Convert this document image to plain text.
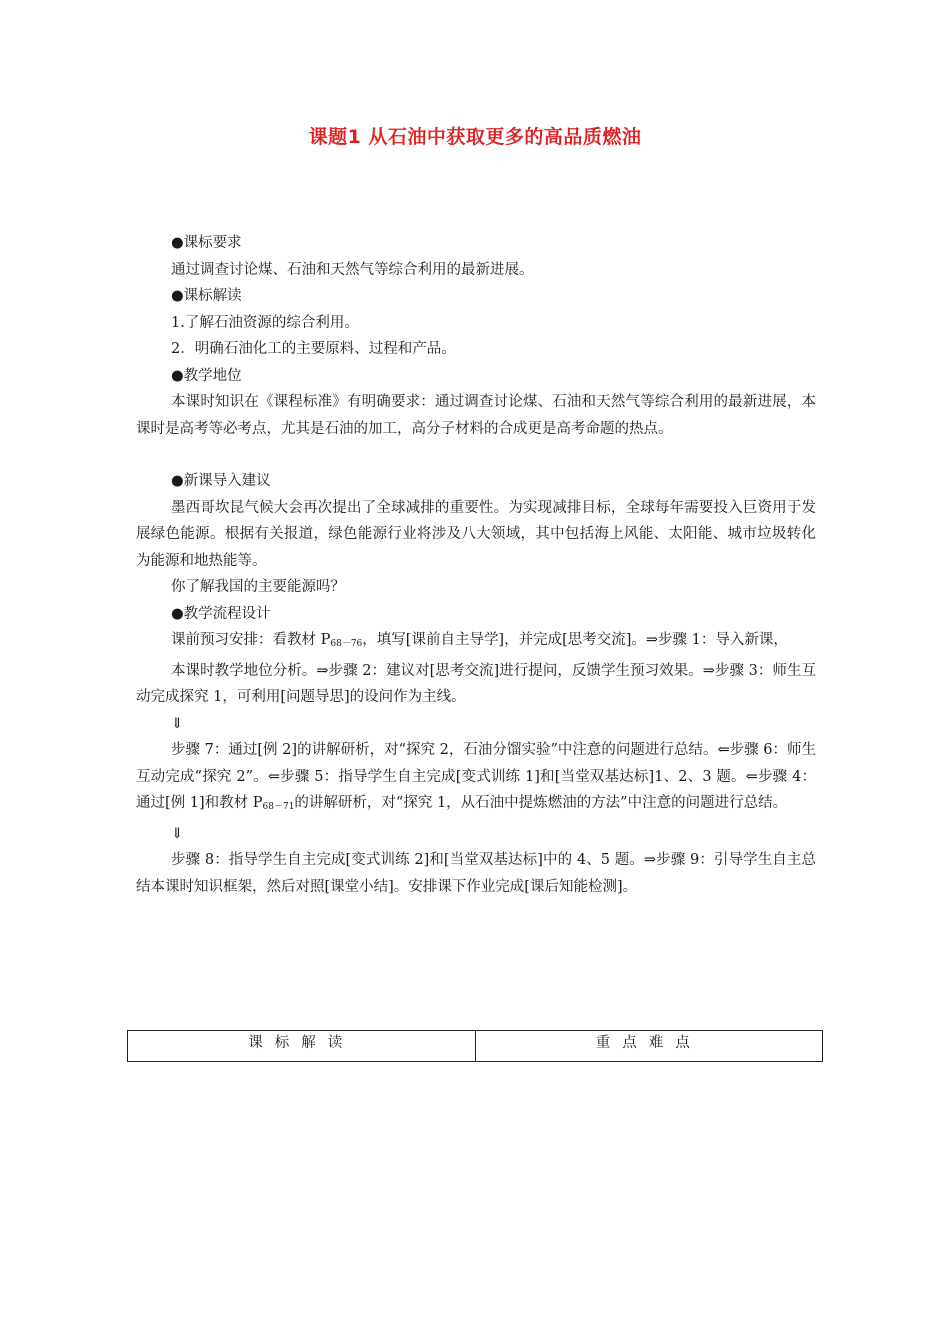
课题1 从石油中获取更多的高品质燃油

●课标要求

通过调查讨论煤、石油和天然气等综合利用的最新进展。

●课标解读

1.了解石油资源的综合利用。

2．明确石油化工的主要原料、过程和产品。

●教学地位

本课时知识在《课程标准》有明确要求：通过调查讨论煤、石油和天然气等综合利用的最新进展，本课时是高考等必考点，尤其是石油的加工，高分子材料的合成更是高考命题的热点。

●新课导入建议

墨西哥坎昆气候大会再次提出了全球减排的重要性。为实现减排目标，全球每年需要投入巨资用于发展绿色能源。根据有关报道，绿色能源行业将涉及八大领域，其中包括海上风能、太阳能、城市垃圾转化为能源和地热能等。

你了解我国的主要能源吗？

●教学流程设计

课前预习安排：看教材 $P_{68-76}$，填写[课前自主导学]，并完成[思考交流]。⇒步骤 1：导入新课，

本课时教学地位分析。⇒步骤 2：建议对[思考交流]进行提问，反馈学生预习效果。⇒步骤 3：师生互动完成探究 1，可利用[问题导思]的设问作为主线。

⇓

步骤 7：通过[例 2]的讲解研析，对“探究 2，石油分馏实验”中注意的问题进行总结。⇐步骤 6：师生互动完成“探究 2”。⇐步骤 5：指导学生自主完成[变式训练 1]和[当堂双基达标]1、2、3 题。⇐步骤 4：通过[例 1]和教材 $P_{68-71}$的讲解研析，对“探究 1，从石油中提炼燃油的方法”中注意的问题进行总结。

⇓

步骤 8：指导学生自主完成[变式训练 2]和[当堂双基达标]中的 4、5 题。⇒步骤 9：引导学生自主总结本课时知识框架，然后对照[课堂小结]。安排课下作业完成[课后知能检测]。

课标解读	重点难点
